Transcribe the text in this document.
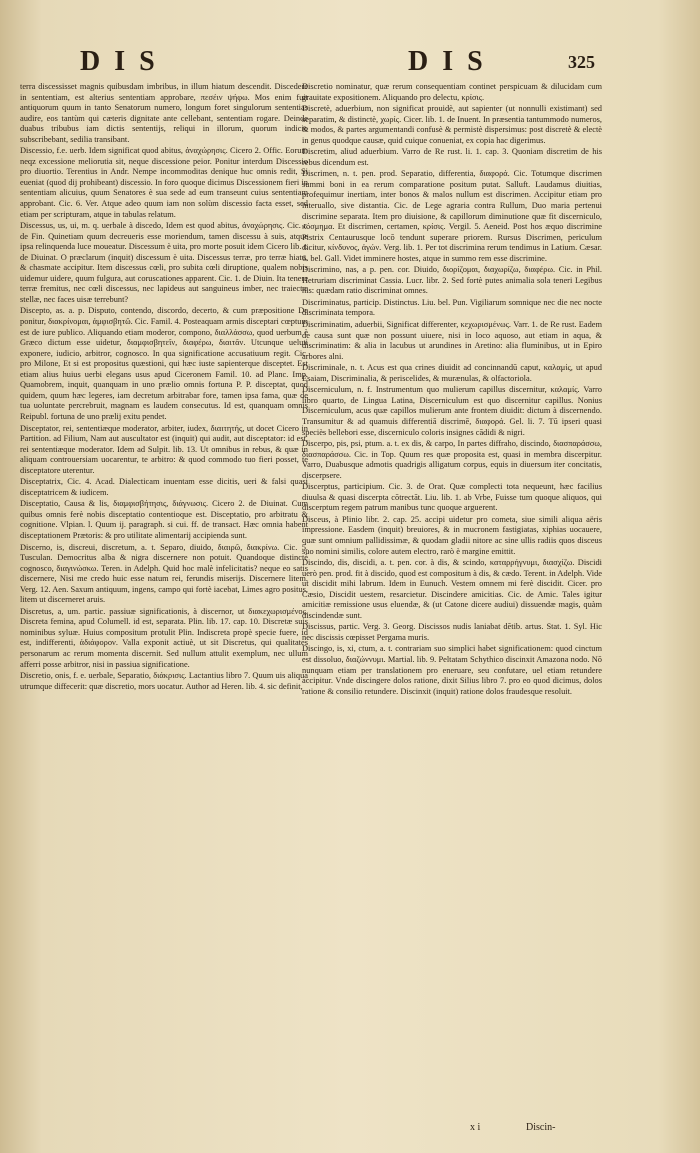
DIS	DIS	325

terra discessisset magnis quibusdam imbribus, in illum hiatum descendit. Discedere in sententiam, est alterius sententiam approbare, πεσέιν ψήφω. Mos enim fuit antiquorum quum in tanto Senatorum numero, longum foret singulorum sententias audire, eos tantùm qui cæteris dignitate ante cellebant, sententiam rogare. Deinde duabus tribubus iam dictis sententijs, reliqui in illorum, quorum indicio subscribebant, sedilia transibant.

Discessio, f.e. uerb. Idem significat quod abitus, ἀναχώρησις. Cicero 2. Offic. Eorum neqz excessione meliorutia sit, neque discessione peior. Ponitur interdum Discessio pro diuortio. Terentius in Andr. Nempe incommoditas denique huc omnis redit, Si eueniat (quod dij prohibeant) discessio. In foro quoque dicimus Discessionem fieri in sententiam alicuius, quum Senatores è sua sede ad eum transeunt cuius sententiam approbant. Cic. 6. Ver. Atque adeo quum iam non solùm discessio facta esset, sed etiam per scripturam, atque in tabulas relatum.

Discessus, us, ui, m. q. uerbale à discedo, Idem est quod abitus, ἀναχώρησις. Cic. r. de Fin. Quinetiam quum decreueris esse moriendum, tamen discessu à suis, atque ipsa relinquenda luce moueatur. Discessum è uita, pro morte posuit idem Cicero lib. r. de Diuinat. O præclarum (inquit) discessum è uita. Discessus terræ, pro terræ hiatu, & chasmate accipitur. Item discessus cœli, pro subita cœli diruptione, qualem nobis uidemur uidere, quum fulgura, aut coruscationes apparent. Cic. 1. de Diuin. Ita tenere terræ fremitus, nec cœli discessus, nec lapideus aut sanguineus imber, nec traiectæ stellæ, nec faces uisæ terrebunt?

Discepto, as. a. p. Disputo, contendo, discordo, decerto, & cum præpositione De ponitur, διακρίνομαι, ἀμφισβητῶ. Cic. Famil. 4. Posteaquam armis disceptari cœptum est de iure publico. Aliquando etiam moderor, compono, διαλλάσσω, quod uerbum è Græco dictum esse uidetur, διαμφισβητεῖν, διαφέρω, διαιτᾶν. Utcunque ueluti exponere, iudicio, arbitror, cognosco. In qua significatione accusatiuum regit. Cic. pro Milone, Et si est propositus quæstioni, qui hæc iuste sapienterque disceptet. Est etiam alius huius uerbi elegans usus apud Ciceronem Famil. 10. ad Planc. Imp. Quamobrem, inquit, quanquam in uno prælio omnis fortuna P. P. disceptat, quod quidem, quum hæc legeres, iam decretum arbitrabar fore, tamen ipsa fama, quæ de tua uoluntate percrebruit, magnam es laudem consecutus. Id est, quanquam omnis Reipubl. fortuna de uno prælij exitu pendet.

Disceptator, rei, sententiæque moderator, arbiter, iudex, διαιτητής, ut docet Cicero in Partition. ad Filium, Nam aut auscultator est (inquit) qui audit, aut disceptator: id est, rei sententiæque moderator. Idem ad Sulpit. lib. 13. Ut omnibus in rebus, & quæ in aliquam controuersiam uocarentur, te arbitro: & quod commodo tuo fieri posset, te disceptatore uterentur.

Disceptatrix, Cic. 4. Acad. Dialecticam inuentam esse dicitis, ueri & falsi quasi disceptatricem & iudicem.

Disceptatio, Causa & lis, διαμφισβήτησις, διάγνωσις. Cicero 2. de Diuinat. Cum quibus omnis ferè nobis disceptatio contentioque est. Disceptatio, pro arbitratu & cognitione. Vlpian. l. Quum ij. paragraph. si cui. ff. de transact. Hæc omnia habent disceptationem Prætoris: & pro utilitate alimentarij accipienda sunt.

Discerno, is, discreui, discretum, a. t. Separo, diuido, διαιρῶ, διακρίνω. Cic. 5. Tusculan. Democritus alba & nigra discernere non potuit. Quandoque distinctè cognosco, διαγινώσκω. Teren. in Adelph. Quid hoc malè infelicitatis? neque eo satis discernere, Nisi me credo huic esse natum rei, ferundis miserijs. Discernere litem. Verg. 12. Aen. Saxum antiquum, ingens, campo qui fortè iacebat, Limes agro positus, litem ut discerneret aruis.

Discretus, a, um. partic. passiuæ significationis, à discernor, ut διακεχωρισμένος. Discreta femina, apud Columell. id est, separata. Plin. lib. 17. cap. 10. Discretæ suis nominibus syluæ. Huius compositum protulit Plin. Indiscreta propè specie fuere, id est, indifferenti, ἀδιάφορον. Valla exponit actiuè, ut sit Discretus, qui qualitates personarum ac rerum momenta discernit. Sed nullum attulit exemplum, nec ullum afferri posse arbitror, nisi in passiua significatione.

Discretio, onis, f. e. uerbale, Separatio, διάκρισις. Lactantius libro 7. Quum uis aliqua utrumque diffecerit: quæ discretio, mors uocatur. Author ad Heren. lib. 4. sic definit,

Discretio nominatur, quæ rerum consequentiam continet perspicuam & dilucidam cum grauitate expositionem. Aliquando pro delectu, κρίσις.

Discretè, aduerbium, non significat prouidè, aut sapienter (ut nonnulli existimant) sed separatim, & distinctè, χωρίς. Cicer. lib. 1. de Inuent. In præsentia tantummodo numeros, & modos, & partes argumentandi confusè & permistè dispersimus: post discretè & electè in genus quodque causæ, quid cuique conueniat, ex copia hac digerimus.

Discretim, aliud aduerbium. Varro de Re rust. li. 1. cap. 3. Quoniam discretim de his rebus dicendum est.

Discrimen, n. t. pen. prod. Separatio, differentia, διαφορά. Cic. Totumque discrimen summi boni in ea rerum comparatione positum putat. Salluft. Laudamus diuitias, profequimur inertiam, inter bonos & malos nullum est discrimen. Accipitur etiam pro interuallo, sive distantia. Cic. de Lege agraria contra Rullum, Duo maria pertenui discrimine separata. Item pro diuisione, & capillorum diminutione quæ fit discerniculo, κόσμημα. Et discrimen, certamen, κρίσις. Vergil. 5. Aeneid. Post hos æquo discrimine Pistrix Centaurusque locō tendunt superare priorem. Rursus Discrimen, periculum dicitur, κίνδυνος, ἀγών. Verg. lib. 1. Per tot discrimina rerum tendimus in Latium. Cæsar. 6. bel. Gall. Videt imminere hostes, atque in summo rem esse discrimine.

Discrimino, nas, a p. pen. cor. Diuido, διορίζομαι, διαχωρίζω, διαφέρω. Cic. in Phil. Hetruriam discriminat Cassia. Lucr. libr. 2. Sed fortè putes animalia sola teneri Legibus his: quædam ratio discriminat omnes.

Discriminatus, particip. Distinctus. Liu. bel. Pun. Vigiliarum somnique nec die nec nocte discriminata tempora.

Discriminatim, aduerbii, Significat differenter, κεχωρισμένως. Varr. 1. de Re rust. Eadem de causa sunt quæ non possunt uiuere, nisi in loco aquoso, aut etiam in aqua, & discriminatim: & alia in lacubus ut arundines in Aretino: alia fluminibus, ut in Epiro arbores alni.

Discriminale, n. t. Acus est qua crines diuidit ad concinnandū caput, καλαμίς, ut apud Esaiam, Discriminalia, & periscelides, & murænulas, & olfactoriola.

Discerniculum, n. f. Instrumentum quo mulierum capillus discernitur, καλαμίς. Varro libro quarto, de Lingua Latina, Discerniculum est quo discernitur capillus. Nonius Discerniculum, acus quæ capillos mulierum ante frontem diuidit: dictum à discernendo. Transumitur & ad quamuis differentiā discrimē, διαφορά. Gel. li. 7. Tū ipseri quasi speciès bellebori esse, discerniculo coloris insignes cādidi & nigri.

Discerpo, pis, psi, ptum. a. t. ex dis, & carpo, In partes diffraho, discindo, διασπαράσσω, διασπαράσσω. Cic. in Top. Quum res quæ proposita est, quasi in membra discerpitur. Varro, Duabusque admotis quadrigis alligatum corpus, equis in diuersum iter concitatis, discerpsere.

Discerptus, participium. Cic. 3. de Orat. Quæ complecti tota nequeunt, hæc facilius diuulsa & quasi discerpta cōtrectāt. Liu. lib. 1. ab Vrbe, Fuisse tum quoque aliquos, qui discerptum regem patrum manibus tunc quoque arguerent.

Disceus, à Plinio libr. 2. cap. 25. accipi uidetur pro cometa, siue simili aliqua aëris impressione. Easdem (inquit) breuiores, & in mucronem fastigiatas, xiphias uocauere, quæ sunt omnium pallidissimæ, & quodam gladii nitore ac sine ullis radiis quos disceus suo nomini similis, colore autem electro, rarò è margine emittit.

Discindo, dis, discidi, a. t. pen. cor. à dis, & scindo, καταρρήγνυμι, διασχίζω. Discidi uerò pen. prod. fit à discido, quod est compositum à dis, & cædo. Terent. in Adelph. Vide ut discidit mihi labrum. Idem in Eunuch. Vestem omnem mi ferè discidit. Cicer. pro Cæsio, Discidit uestem, resarcietur. Discindere amicitias. Cic. de Amic. Tales igitur amicitiæ remissione usus eluendæ, & (ut Catone dicere audiui) dissuendæ magis, quàm discindendæ sunt.

Discissus, partic. Verg. 3. Georg. Discissos nudis laniabat dētib. artus. Stat. 1. Syl. Hic nec discissis cœpisset Pergama muris.

Discingo, is, xi, ctum, a. t. contrariam suo simplici habet significationem: quod cinctum est dissoluo, διαζώννυμι. Martial. lib. 9. Peltatam Schythico discinxit Amazona nodo. Nō nunquam etiam per translationem pro eneruare, seu confutare, uel etiam retundere accipitur. Vnde discingere dolos ratione, dixit Silius libro 7. pro eo quod dicimus, dolos ratione & consilio retundere. Discinxit (inquit) ratione dolos fraudesque resoluit.

x i	Discin-
